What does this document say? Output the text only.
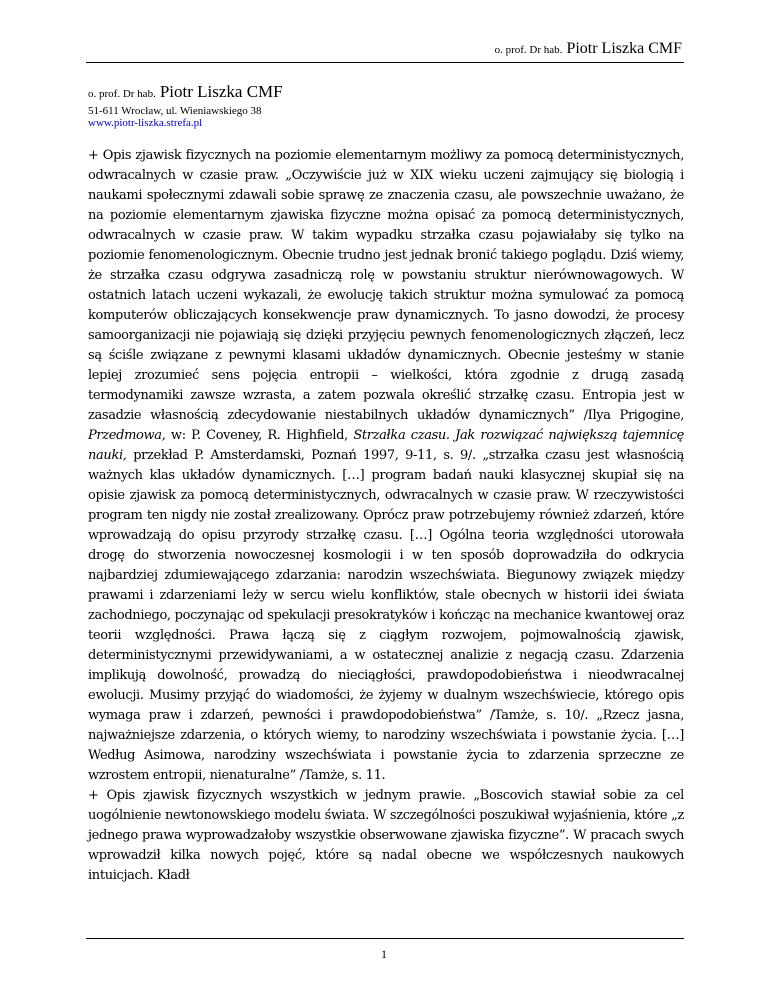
o. prof. Dr hab. Piotr Liszka CMF
o. prof. Dr hab. Piotr Liszka CMF
51-611 Wrocław, ul. Wieniawskiego 38
www.piotr-liszka.strefa.pl

+ Opis zjawisk fizycznych na poziomie elementarnym możliwy za pomocą deterministycznych, odwracalnych w czasie praw. „Oczywiście już w XIX wieku uczeni zajmujący się biologią i naukami społecznymi zdawali sobie sprawę ze znaczenia czasu, ale powszechnie uważano, że na poziomie elementarnym zjawiska fizyczne można opisać za pomocą deterministycznych, odwracalnych w czasie praw. W takim wypadku strzałka czasu pojawiałaby się tylko na poziomie fenomenologicznym. Obecnie trudno jest jednak bronić takiego poglądu. Dziś wiemy, że strzałka czasu odgrywa zasadniczą rolę w powstaniu struktur nierównowagowych. W ostatnich latach uczeni wykazali, że ewolucję takich struktur można symulować za pomocą komputerów obliczających konsekwencje praw dynamicznych. To jasno dowodzi, że procesy samoorganizacji nie pojawiają się dzięki przyjęciu pewnych fenomenologicznych złączeń, lecz są ściśle związane z pewnymi klasami układów dynamicznych. Obecnie jesteśmy w stanie lepiej zrozumieć sens pojęcia entropii – wielkości, która zgodnie z drugą zasadą termodynamiki zawsze wzrasta, a zatem pozwala określić strzałkę czasu. Entropia jest w zasadzie własnością zdecydowanie niestabilnych układów dynamicznych” /Ilya Prigogine, Przedmowa, w: P. Coveney, R. Highfield, Strzałka czasu. Jak rozwiązać największą tajemnicę nauki, przekład P. Amsterdamski, Poznań 1997, 9-11, s. 9/. „strzałka czasu jest własnością ważnych klas układów dynamicznych. […] program badań nauki klasycznej skupiał się na opisie zjawisk za pomocą deterministycznych, odwracalnych w czasie praw. W rzeczywistości program ten nigdy nie został zrealizowany. Oprócz praw potrzebujemy również zdarzeń, które wprowadzają do opisu przyrody strzałkę czasu. […] Ogólna teoria względności utorowała drogę do stworzenia nowoczesnej kosmologii i w ten sposób doprowadziła do odkrycia najbardziej zdumiewającego zdarzania: narodzin wszechświata. Biegunowy związek między prawami i zdarzeniami leży w sercu wielu konfliktów, stale obecnych w historii idei świata zachodniego, poczynając od spekulacji presokratyków i kończąc na mechanice kwantowej oraz teorii względności. Prawa łączą się z ciągłym rozwojem, pojmowalnością zjawisk, deterministycznymi przewidywaniami, a w ostatecznej analizie z negacją czasu. Zdarzenia implikują dowolność, prowadzą do nieciągłości, prawdopodobieństwa i nieodwracalnej ewolucji. Musimy przyjąć do wiadomości, że żyjemy w dualnym wszechświecie, którego opis wymaga praw i zdarzeń, pewności i prawdopodobieństwa” /Tamże, s. 10/. „Rzecz jasna, najważniejsze zdarzenia, o których wiemy, to narodziny wszechświata i powstanie życia. […] Według Asimowa, narodziny wszechświata i powstanie życia to zdarzenia sprzeczne ze wzrostem entropii, nienaturalne” /Tamże, s. 11.

+ Opis zjawisk fizycznych wszystkich w jednym prawie. „Boscovich stawiał sobie za cel uogólnienie newtonowskiego modelu świata. W szczególności poszukiwał wyjaśnienia, które „z jednego prawa wyprowadzałoby wszystkie obserwowane zjawiska fizyczne”. W pracach swych wprowadził kilka nowych pojęć, które są nadal obecne we współczesnych naukowych intuicjach. Kładł

1
